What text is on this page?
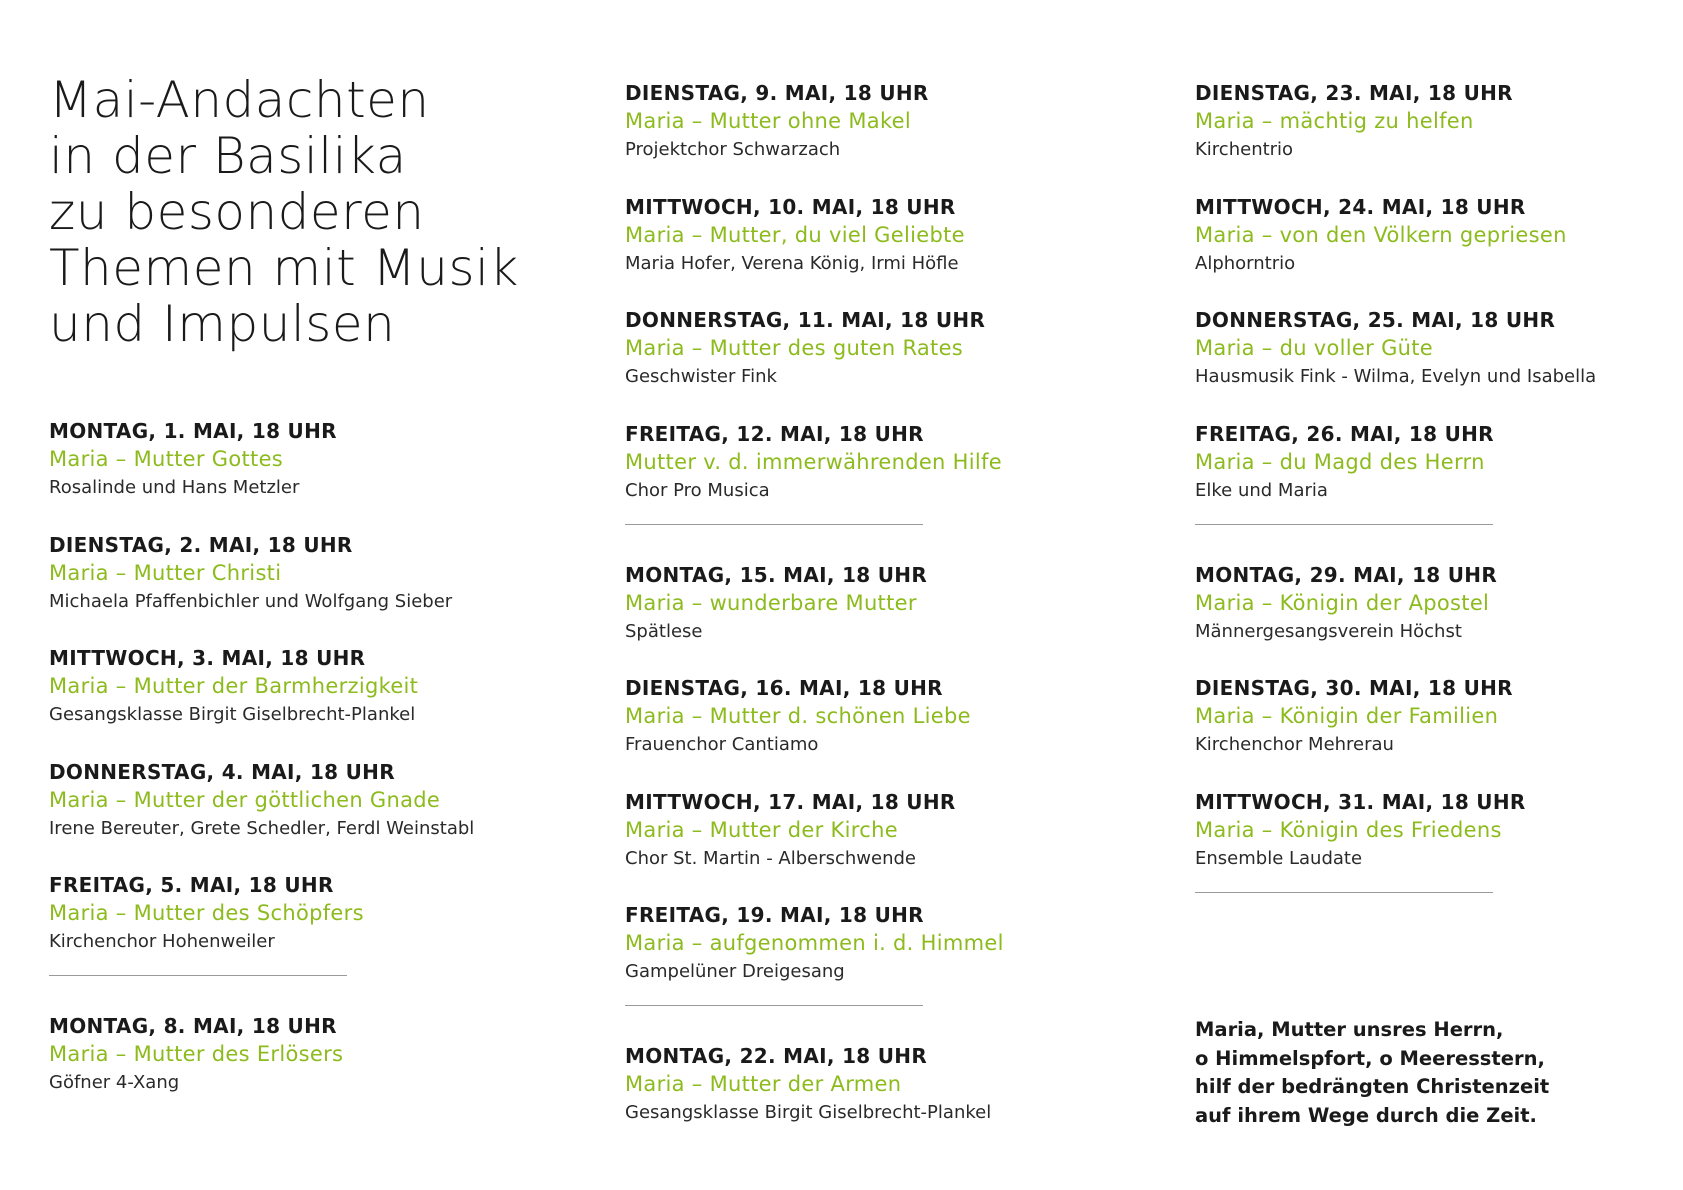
Mai-Andachten
in der Basilika
zu besonderen
Themen mit Musik
und Impulsen
MONTAG, 1. MAI, 18 UHR
Maria – Mutter Gottes
Rosalinde und Hans Metzler
DIENSTAG, 2. MAI, 18 UHR
Maria – Mutter Christi
Michaela Pfaffenbichler und Wolfgang Sieber
MITTWOCH, 3. MAI, 18 UHR
Maria – Mutter der Barmherzigkeit
Gesangsklasse Birgit Giselbrecht-Plankel
DONNERSTAG, 4. MAI, 18 UHR
Maria – Mutter der göttlichen Gnade
Irene Bereuter, Grete Schedler, Ferdl Weinstabl
FREITAG, 5. MAI, 18 UHR
Maria – Mutter des Schöpfers
Kirchenchor Hohenweiler
MONTAG, 8. MAI, 18 UHR
Maria – Mutter des Erlösers
Göfner 4-Xang
DIENSTAG, 9. MAI, 18 UHR
Maria – Mutter ohne Makel
Projektchor Schwarzach
MITTWOCH, 10. MAI, 18 UHR
Maria – Mutter, du viel Geliebte
Maria Hofer, Verena König, Irmi Höfle
DONNERSTAG, 11. MAI, 18 UHR
Maria – Mutter des guten Rates
Geschwister Fink
FREITAG, 12. MAI, 18 UHR
Mutter v. d. immerwährenden Hilfe
Chor Pro Musica
MONTAG, 15. MAI, 18 UHR
Maria – wunderbare Mutter
Spätlese
DIENSTAG, 16. MAI, 18 UHR
Maria – Mutter d. schönen Liebe
Frauenchor Cantiamo
MITTWOCH, 17. MAI, 18 UHR
Maria – Mutter der Kirche
Chor St. Martin - Alberschwende
FREITAG, 19. MAI, 18 UHR
Maria – aufgenommen i. d. Himmel
Gampelüner Dreigesang
MONTAG, 22. MAI, 18 UHR
Maria – Mutter der Armen
Gesangsklasse Birgit Giselbrecht-Plankel
DIENSTAG, 23. MAI, 18 UHR
Maria – mächtig zu helfen
Kirchentrio
MITTWOCH, 24. MAI, 18 UHR
Maria – von den Völkern gepriesen
Alphorntrio
DONNERSTAG, 25. MAI, 18 UHR
Maria – du voller Güte
Hausmusik Fink - Wilma, Evelyn und Isabella
FREITAG, 26. MAI, 18 UHR
Maria – du Magd des Herrn
Elke und Maria
MONTAG, 29. MAI, 18 UHR
Maria – Königin der Apostel
Männergesangsverein Höchst
DIENSTAG, 30. MAI, 18 UHR
Maria – Königin der Familien
Kirchenchor Mehrerau
MITTWOCH, 31. MAI, 18 UHR
Maria – Königin des Friedens
Ensemble Laudate
Maria, Mutter unsres Herrn,
o Himmelspfort, o Meeresstern,
hilf der bedrängten Christenzeit
auf ihrem Wege durch die Zeit.
